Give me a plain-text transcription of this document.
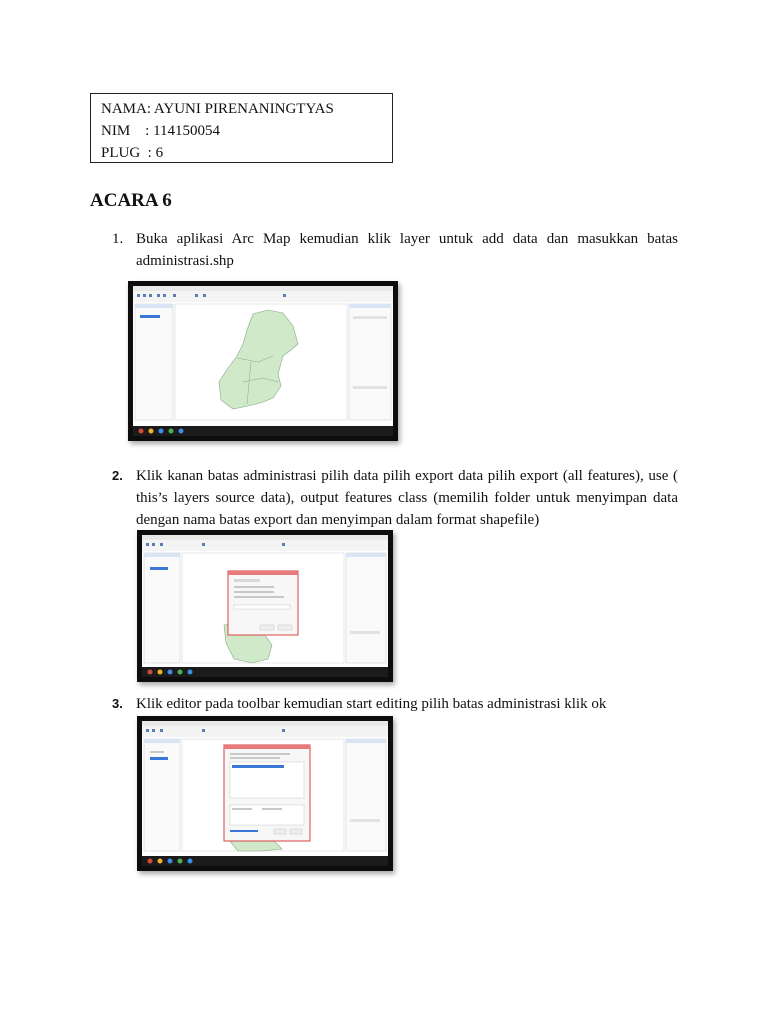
NAMA: AYUNI PIRENANINGTYAS
NIM    : 114150054
PLUG  : 6
ACARA 6
1. Buka aplikasi Arc Map kemudian klik layer untuk add data dan masukkan batas administrasi.shp
2. Klik kanan batas administrasi pilih data pilih export data pilih export (all features), use ( this’s layers source data), output features class (memilih folder untuk menyimpan data dengan nama batas export dan menyimpan dalam format shapefile)
3. Klik editor pada toolbar kemudian start editing pilih batas administrasi klik ok
